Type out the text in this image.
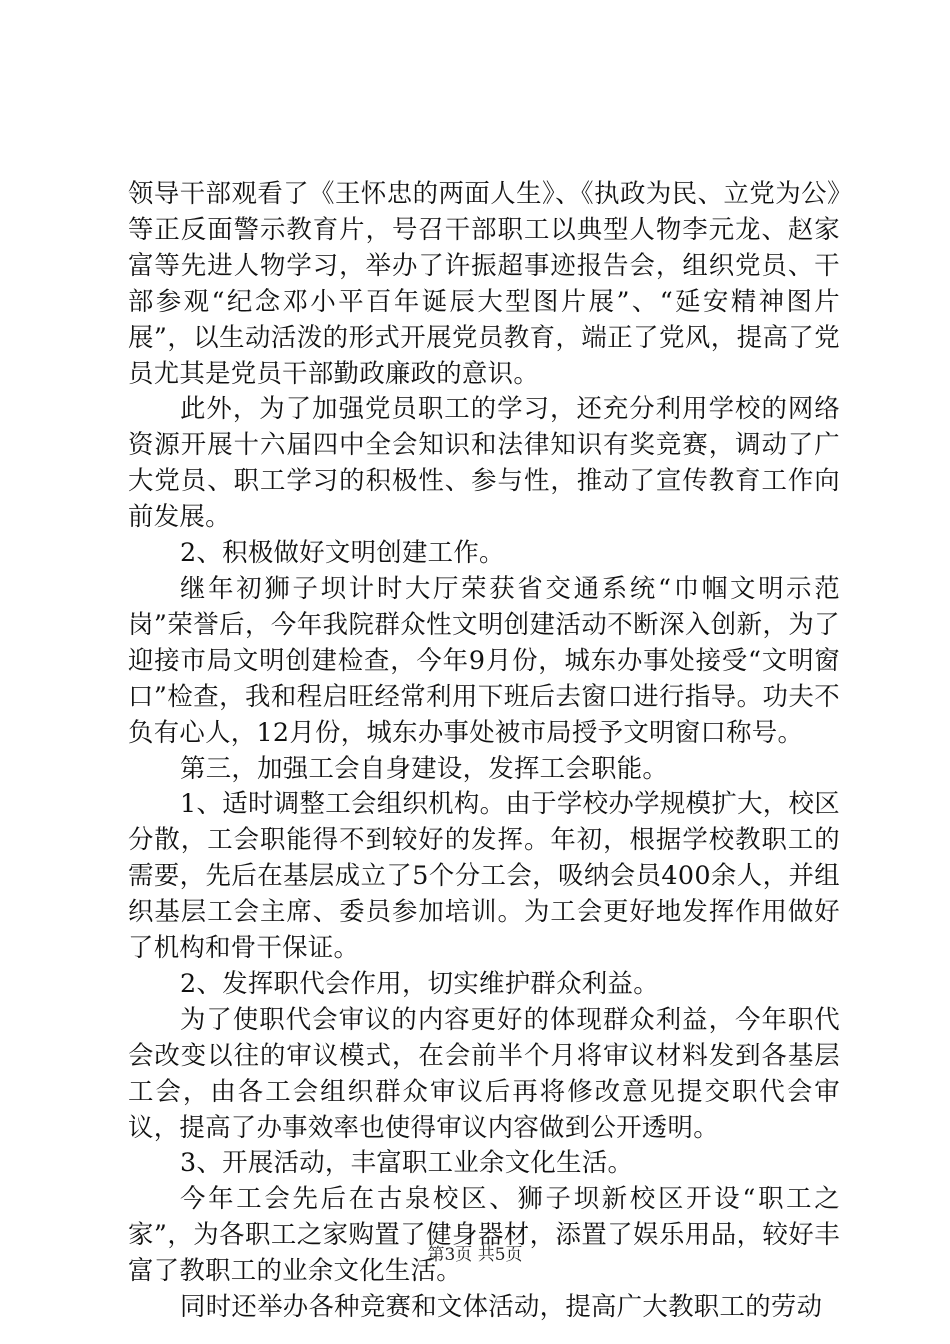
领导干部观看了《王怀忠的两面人生》、《执政为民、立党为公》等正反面警示教育片，号召干部职工以典型人物李元龙、赵家富等先进人物学习，举办了许振超事迹报告会，组织党员、干部参观“纪念邓小平百年诞辰大型图片展”、“延安精神图片展”，以生动活泼的形式开展党员教育，端正了党风，提高了党员尤其是党员干部勤政廉政的意识。

此外，为了加强党员职工的学习，还充分利用学校的网络资源开展十六届四中全会知识和法律知识有奖竞赛，调动了广大党员、职工学习的积极性、参与性，推动了宣传教育工作向前发展。

2、积极做好文明创建工作。

继年初狮子坝计时大厅荣获省交通系统“巾帼文明示范岗”荣誉后，今年我院群众性文明创建活动不断深入创新，为了迎接市局文明创建检查，今年9月份，城东办事处接受“文明窗口”检查，我和程启旺经常利用下班后去窗口进行指导。功夫不负有心人，12月份，城东办事处被市局授予文明窗口称号。

第三，加强工会自身建设，发挥工会职能。

1、适时调整工会组织机构。由于学校办学规模扩大，校区分散，工会职能得不到较好的发挥。年初，根据学校教职工的需要，先后在基层成立了5个分工会，吸纳会员400余人，并组织基层工会主席、委员参加培训。为工会更好地发挥作用做好了机构和骨干保证。

2、发挥职代会作用，切实维护群众利益。

为了使职代会审议的内容更好的体现群众利益，今年职代会改变以往的审议模式，在会前半个月将审议材料发到各基层工会，由各工会组织群众审议后再将修改意见提交职代会审议，提高了办事效率也使得审议内容做到公开透明。

3、开展活动，丰富职工业余文化生活。

今年工会先后在古泉校区、狮子坝新校区开设“职工之家”，为各职工之家购置了健身器材，添置了娱乐用品，较好丰富了教职工的业余文化生活。

同时还举办各种竞赛和文体活动，提高广大教职工的劳动

第3页 共5页
